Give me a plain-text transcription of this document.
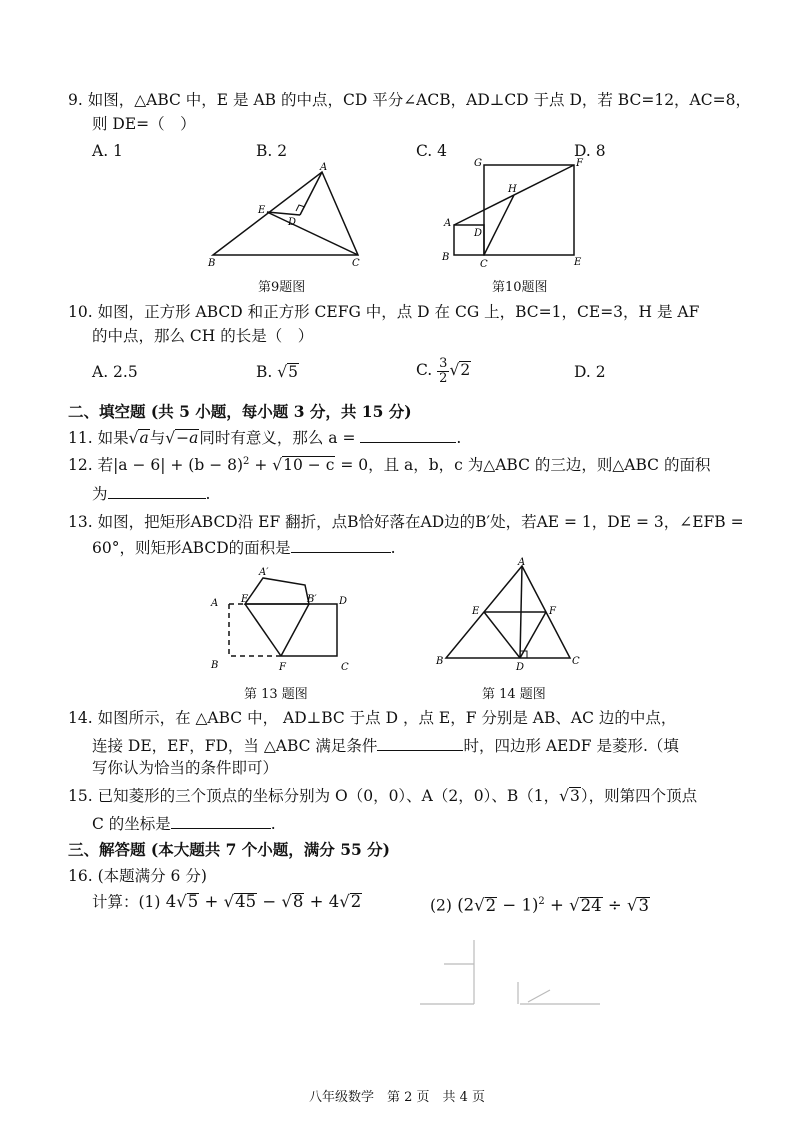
9. 如图，△ABC 中，E 是 AB 的中点，CD 平分∠ACB，AD⊥CD 于点 D，若 BC=12，AC=8，
则 DE=（　）
A. 1	B. 2	C. 4	D. 8
A
E
D
B	C
第9题图
G	F
H
A
D
B
C	E
第10题图
10. 如图，正方形 ABCD 和正方形 CEFG 中，点 D 在 CG 上，BC=1，CE=3，H 是 AF
的中点，那么 CH 的长是（　）
A. 2.5	B. √5	C. $\frac{3}{2} √2$	D. 2
二、填空题 (共 5 小题，每小题 3 分，共 15 分)
11. 如果√a与√−a同时有意义，那么 a =	.
12. 若$|a - 6| + (b - 8)^2 + √10 - c = 0$，且 a，b，c 为△ABC 的三边，则△ABC 的面积
为	.
13. 如图，把矩形ABCD沿 EF 翻折，点B恰好落在AD边的B′处，若AE = 1，DE = 3，∠EFB =
60°，则矩形ABCD的面积是	.
A′
A E	B′ D
B	F	C
第 13 题图
A
E	F
B
D
C
第 14 题图
14. 如图所示，在 △ABC 中， AD⊥BC 于点 D ，点 E，F 分别是 AB、AC 边的中点，
连接 DE，EF，FD，当 △ABC 满足条件	时，四边形 AEDF 是菱形.（填
写你认为恰当的条件即可）
15. 已知菱形的三个顶点的坐标分别为 O（0，0）、A（2，0）、B（1，√3），则第四个顶点
C 的坐标是	.
三、解答题 (本大题共 7 个小题，满分 55 分)
16. (本题满分 6 分)
计算：(1) 4√5 + √45 − √8 + 4√2	(2) $(2√2 - 1)^2 + √24 \div √3$
八年级数学　第 2 页　共 4 页
